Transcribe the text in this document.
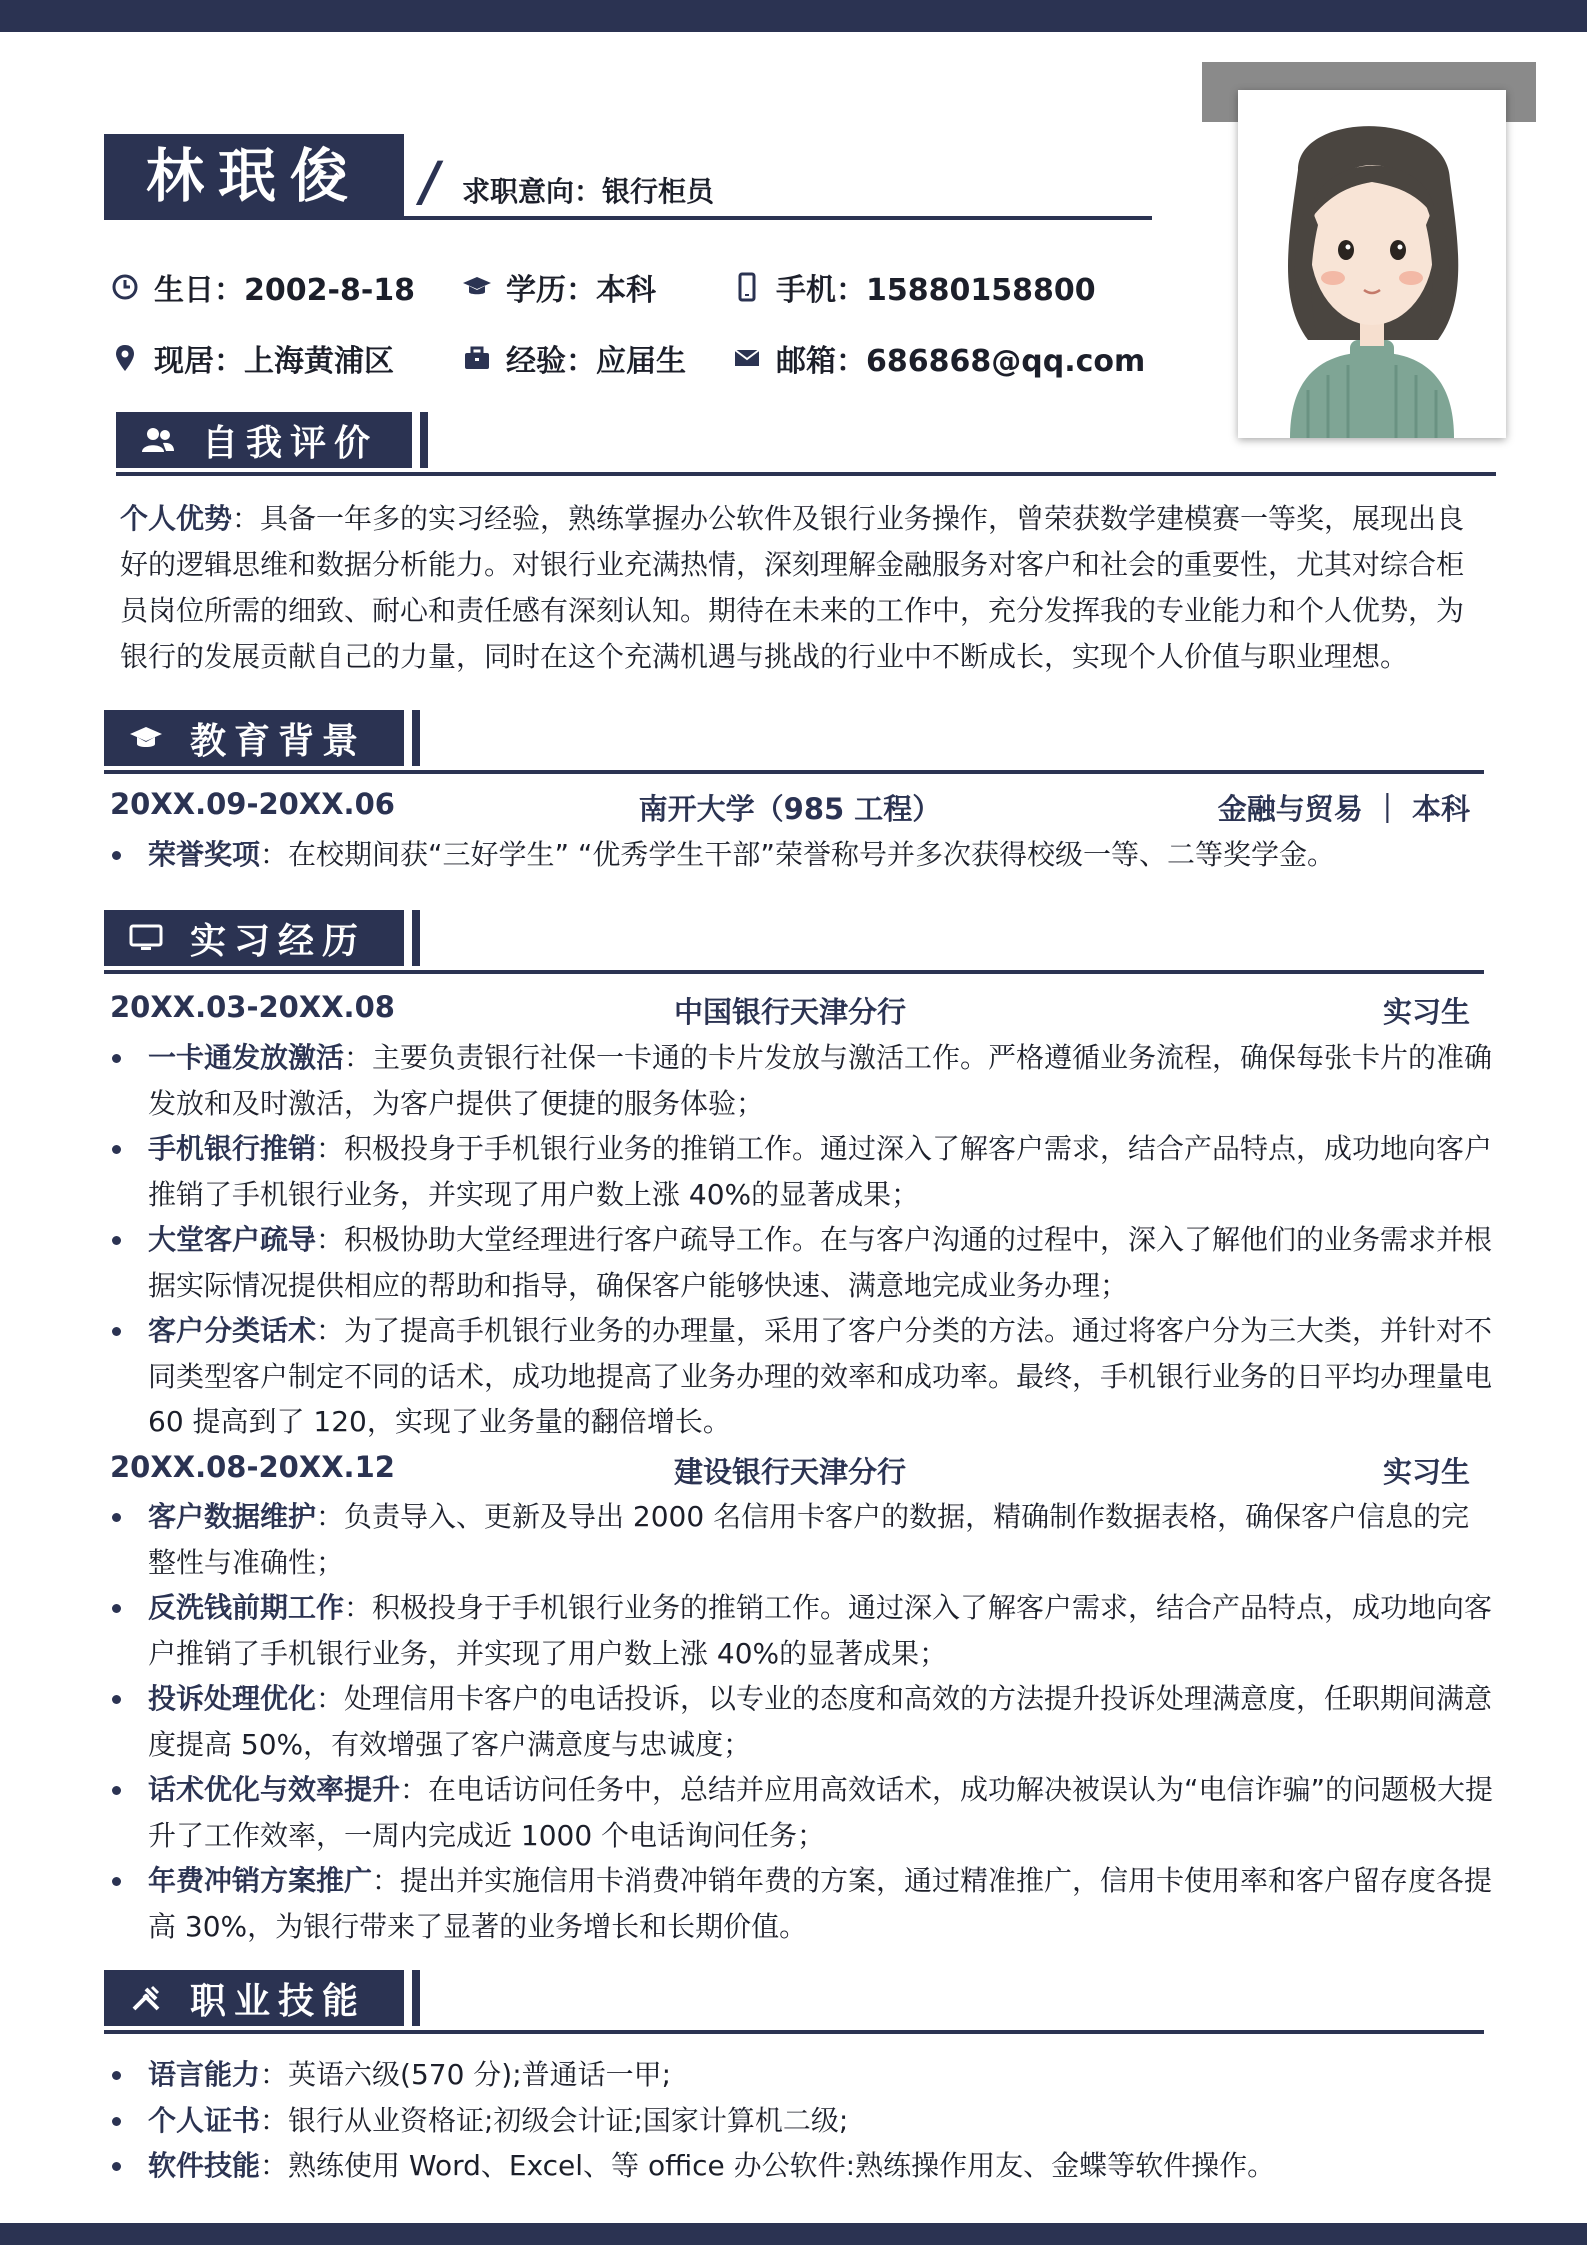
林珉俊 / 求职意向：银行柜员
生日：2002-8-18	学历：本科	手机：15880158800
现居：上海黄浦区	经验：应届生	邮箱：686868@qq.com
自我评价
个人优势：具备一年多的实习经验，熟练掌握办公软件及银行业务操作，曾荣获数学建模赛一等奖，展现出良好的逻辑思维和数据分析能力。对银行业充满热情，深刻理解金融服务对客户和社会的重要性，尤其对综合柜员岗位所需的细致、耐心和责任感有深刻认知。期待在未来的工作中，充分发挥我的专业能力和个人优势，为银行的发展贡献自己的力量，同时在这个充满机遇与挑战的行业中不断成长，实现个人价值与职业理想。
教育背景
20XX.09-20XX.06	南开大学（985 工程）	金融与贸易 ｜ 本科
荣誉奖项：在校期间获“三好学生” “优秀学生干部”荣誉称号并多次获得校级一等、二等奖学金。
实习经历
20XX.03-20XX.08	中国银行天津分行	实习生
一卡通发放激活：主要负责银行社保一卡通的卡片发放与激活工作。严格遵循业务流程，确保每张卡片的准确发放和及时激活，为客户提供了便捷的服务体验；
手机银行推销：积极投身于手机银行业务的推销工作。通过深入了解客户需求，结合产品特点，成功地向客户推销了手机银行业务，并实现了用户数上涨 40%的显著成果；
大堂客户疏导：积极协助大堂经理进行客户疏导工作。在与客户沟通的过程中，深入了解他们的业务需求并根据实际情况提供相应的帮助和指导，确保客户能够快速、满意地完成业务办理；
客户分类话术：为了提高手机银行业务的办理量，采用了客户分类的方法。通过将客户分为三大类，并针对不同类型客户制定不同的话术，成功地提高了业务办理的效率和成功率。最终，手机银行业务的日平均办理量电 60 提高到了 120，实现了业务量的翻倍增长。
20XX.08-20XX.12	建设银行天津分行	实习生
客户数据维护：负责导入、更新及导出 2000 名信用卡客户的数据，精确制作数据表格，确保客户信息的完整性与准确性；
反洗钱前期工作：积极投身于手机银行业务的推销工作。通过深入了解客户需求，结合产品特点，成功地向客户推销了手机银行业务，并实现了用户数上涨 40%的显著成果；
投诉处理优化：处理信用卡客户的电话投诉，以专业的态度和高效的方法提升投诉处理满意度，任职期间满意度提高 50%，有效增强了客户满意度与忠诚度；
话术优化与效率提升：在电话访问任务中，总结并应用高效话术，成功解决被误认为“电信诈骗”的问题极大提升了工作效率，一周内完成近 1000 个电话询问任务；
年费冲销方案推广：提出并实施信用卡消费冲销年费的方案，通过精准推广，信用卡使用率和客户留存度各提高 30%，为银行带来了显著的业务增长和长期价值。
职业技能
语言能力：英语六级(570 分);普通话一甲;
个人证书：银行从业资格证;初级会计证;国家计算机二级;
软件技能：熟练使用 Word、Excel、等 office 办公软件:熟练操作用友、金蝶等软件操作。
